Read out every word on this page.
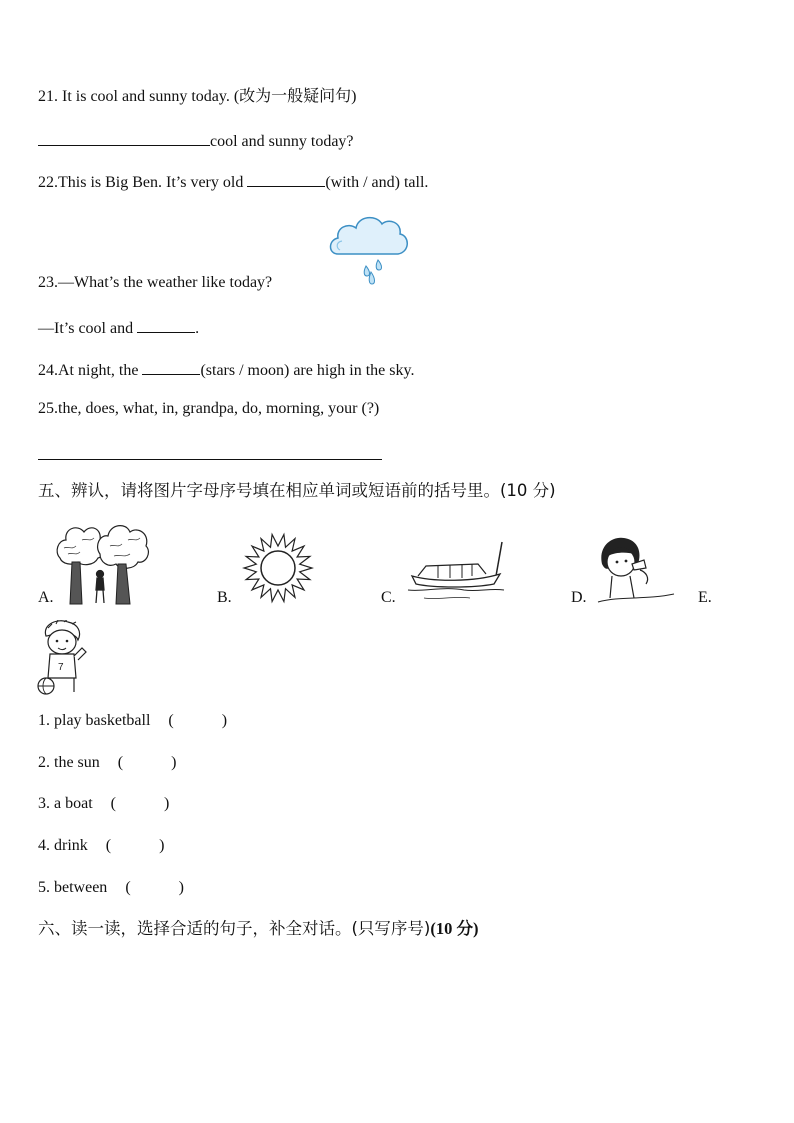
21. It is cool and sunny today. (改为一般疑问句)
cool and sunny today?
22.This is Big Ben. It’s very old	(with / and) tall.
23.—What’s the weather like today?
—It’s cool and	.
24.At night, the	(stars / moon) are high in the sky.
25.the, does, what, in, grandpa, do, morning, your (?)
五、辨认，请将图片字母序号填在相应单词或短语前的括号里。(10 分)
A.	B.	C.	D.	E.
7
1. play basketball (　　　)
2. the sun (　　　)
3. a boat (　　　)
4. drink (　　　)
5. between (　　　)
六、读一读，选择合适的句子，补全对话。(只写序号)(10 分)
